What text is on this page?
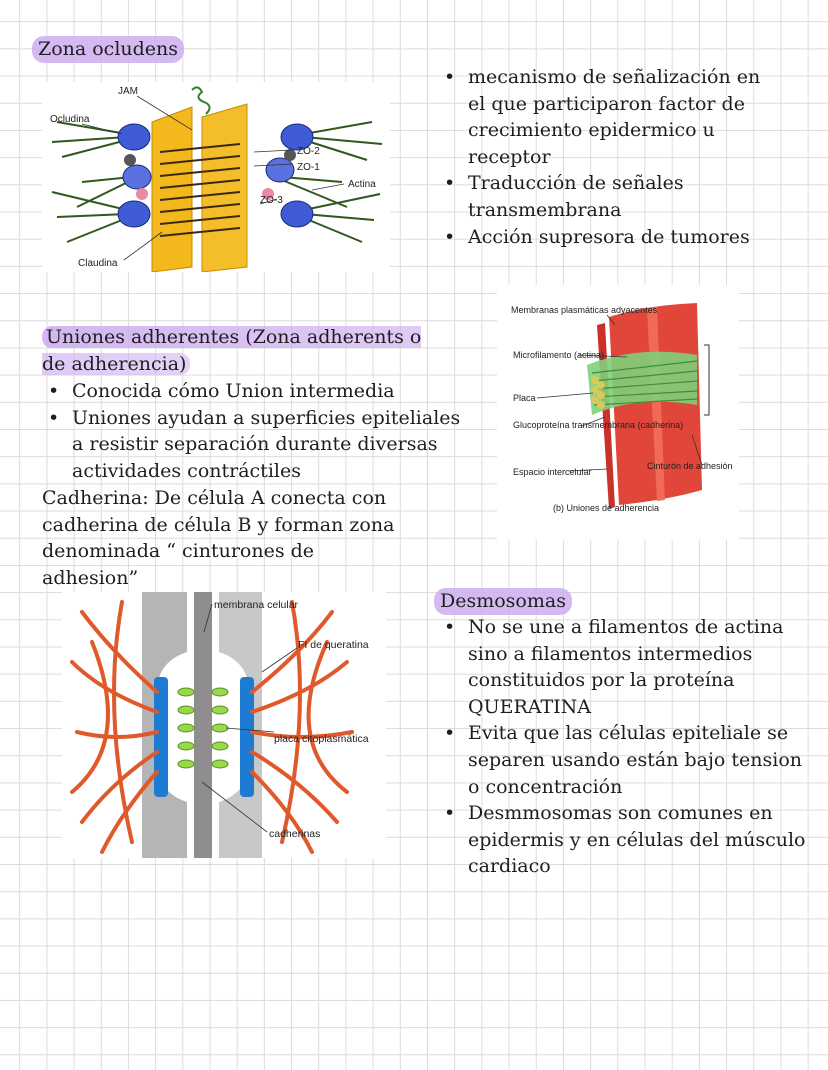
Zona ocludens
JAM
Ocludina
ZO-2
ZO-1
Actina
ZO-3
Claudina
• mecanismo de señalización en el que participaron factor de crecimiento epidermico u receptor
• Traducción de señales transmembrana
• Acción supresora de tumores
Uniones adherentes (Zona adherents o de adherencia)
• Conocida cómo Union intermedia
• Uniones ayudan a superficies epiteliales a resistir separación durante diversas actividades contráctiles
Cadherina: De célula A conecta con cadherina de célula B y forman zona denominada “ cinturones de adhesion”
Membranas plasmáticas adyacentes
Microfilamento (actina)
Placa
Glucoproteína transmembrana (cadherina)
Espacio intercelular
Cinturón de adhesión
(b) Uniones de adherencia
membrana celular
FI de queratina
placa citoplasmática
cadherinas
Desmosomas
• No se une a filamentos de actina sino a filamentos intermedios constituidos por la proteína QUERATINA
• Evita que las células epiteliale se separen usando están bajo tension o concentración
• Desmmosomas son comunes en epidermis y en células del músculo cardiaco
